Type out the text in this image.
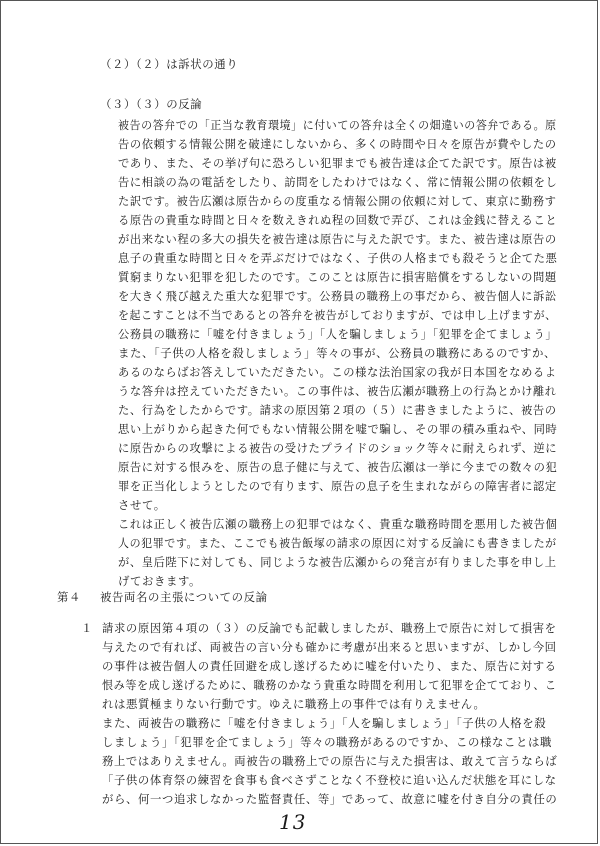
（２）（２）は訴状の通り
（３）（３）の反論
被告の答弁での「正当な教育環境」に付いての答弁は全くの畑違いの答弁である。原
告の依頼する情報公開を破達にしないから、多くの時間や日々を原告が費やしたの
であり、また、その挙げ句に恐ろしい犯罪までも被告達は企てた訳です。原告は被
告に相談の為の電話をしたり、訪問をしたわけではなく、常に情報公開の依頼をし
た訳です。被告広瀬は原告からの度重なる情報公開の依頼に対して、東京に勤務す
る原告の貴重な時間と日々を数えきれぬ程の回数で弄び、これは金銭に替えること
が出来ない程の多大の損失を被告達は原告に与えた訳です。また、被告達は原告の
息子の貴重な時間と日々を弄ぶだけではなく、子供の人格までも殺そうと企てた悪
質窮まりない犯罪を犯したのです。このことは原告に損害賠償をするしないの問題
を大きく飛び越えた重大な犯罪です。公務員の職務上の事だから、被告個人に訴訟
を起こすことは不当であるとの答弁を被告がしておりますが、では申し上げますが、
公務員の職務に「嘘を付きましょう」「人を騙しましょう」「犯罪を企てましょう」
また、「子供の人格を殺しましょう」等々の事が、公務員の職務にあるのですか、
あるのならばお答えしていただきたい。この様な法治国家の我が日本国をなめるよ
うな答弁は控えていただきたい。この事件は、被告広瀬が職務上の行為とかけ離れ
た、行為をしたからです。請求の原因第２項の（５）に書きましたように、被告の
思い上がりから起きた何でもない情報公開を嘘で騙し、その罪の積み重ねや、同時
に原告からの攻撃による被告の受けたプライドのショック等々に耐えられず、逆に
原告に対する恨みを、原告の息子健に与えて、被告広瀬は一挙に今までの数々の犯
罪を正当化しようとしたので有ります、原告の息子を生まれながらの障害者に認定
させて。
これは正しく被告広瀬の職務上の犯罪ではなく、貴重な職務時間を悪用した被告個
人の犯罪です。また、ここでも被告飯塚の請求の原因に対する反論にも書きましたが
が、皇后陛下に対しても、同じような被告広瀬からの発言が有りました事を申し上
げておきます。
第４ 被告両名の主張についての反論
１ 請求の原因第４項の（３）の反論でも記載しましたが、職務上で原告に対して損害を
与えたので有れば、両被告の言い分も確かに考慮が出来ると思いますが、しかし今回
の事件は被告個人の責任回避を成し遂げるために嘘を付いたり、また、原告に対する
恨み等を成し遂げるために、職務のかなう貴重な時間を利用して犯罪を企てており、こ
れは悪質極まりない行動です。ゆえに職務上の事件では有りえません。
また、両被告の職務に「嘘を付きましょう」「人を騙しましょう」「子供の人格を殺
しましょう」「犯罪を企てましょう」等々の職務があるのですか、この様なことは職
務上ではありえません。両被告の職務上での原告に与えた損害は、敢えて言うならば
「子供の体育祭の練習を食事も食べさずことなく不登校に追い込んだ状態を耳にしな
がら、何一つ追求しなかった監督責任、等」であって、故意に嘘を付き自分の責任の
13
